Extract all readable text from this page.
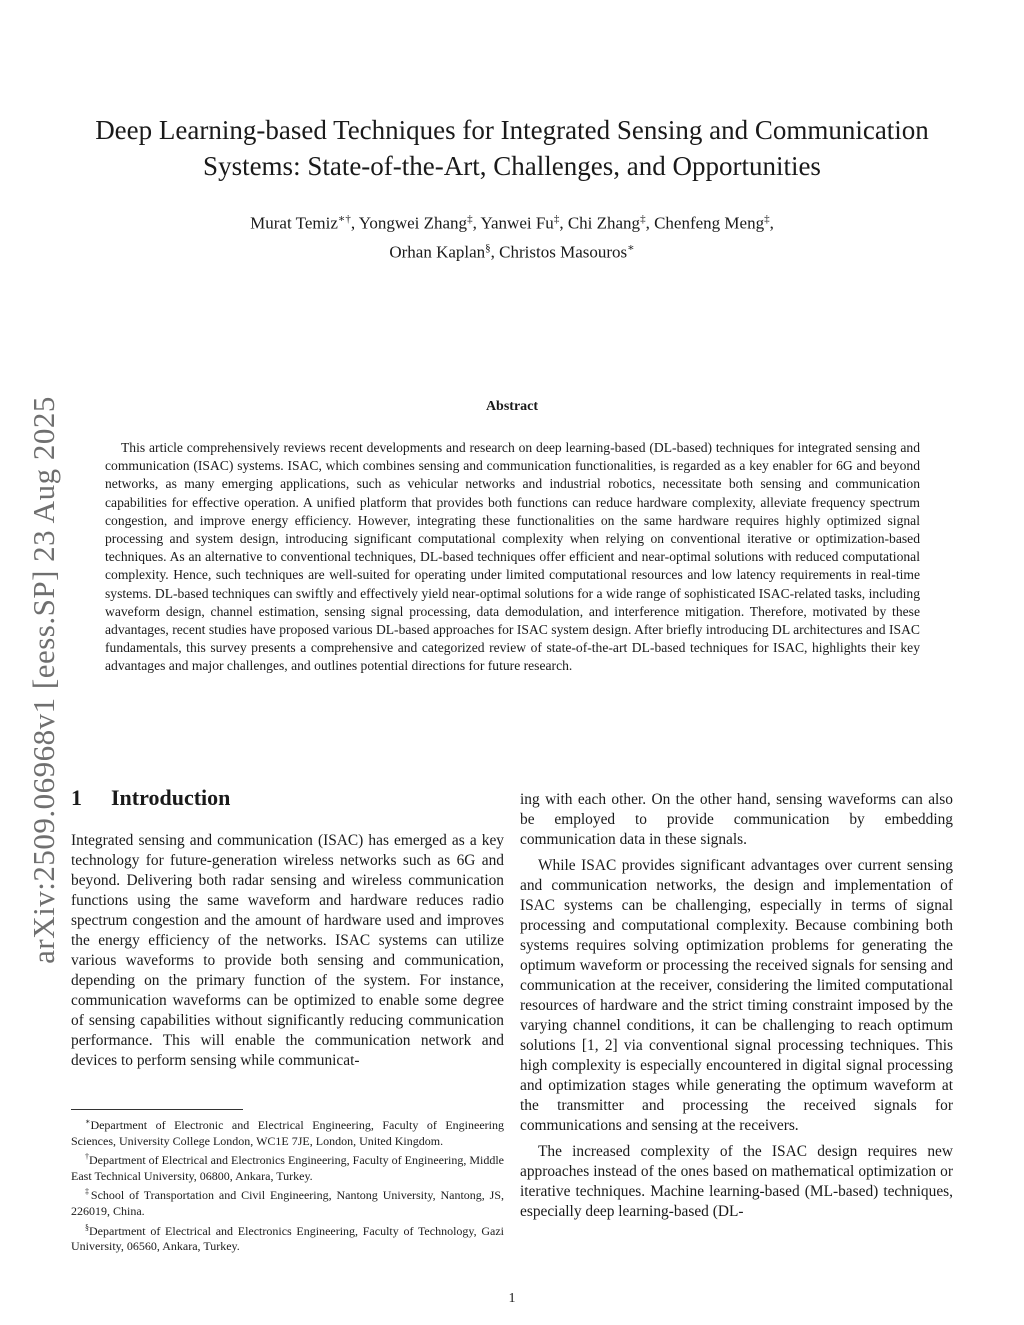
arXiv:2509.06968v1 [eess.SP] 23 Aug 2025
Deep Learning-based Techniques for Integrated Sensing and Communication
Systems: State-of-the-Art, Challenges, and Opportunities
Murat Temiz∗†, Yongwei Zhang‡, Yanwei Fu‡, Chi Zhang‡, Chenfeng Meng‡,
Orhan Kaplan§, Christos Masouros∗
Abstract
This article comprehensively reviews recent developments and research on deep learning-based (DL-based) techniques for integrated sensing and communication (ISAC) systems. ISAC, which combines sensing and communication functionalities, is regarded as a key enabler for 6G and beyond networks, as many emerging applications, such as vehicular networks and industrial robotics, necessitate both sensing and communication capabilities for effective operation. A unified platform that provides both functions can reduce hardware complexity, alleviate frequency spectrum congestion, and improve energy efficiency. However, integrating these functionalities on the same hardware requires highly optimized signal processing and system design, introducing significant computational complexity when relying on conventional iterative or optimization-based techniques. As an alternative to conventional techniques, DL-based techniques offer efficient and near-optimal solutions with reduced computational complexity. Hence, such techniques are well-suited for operating under limited computational resources and low latency requirements in real-time systems. DL-based techniques can swiftly and effectively yield near-optimal solutions for a wide range of sophisticated ISAC-related tasks, including waveform design, channel estimation, sensing signal processing, data demodulation, and interference mitigation. Therefore, motivated by these advantages, recent studies have proposed various DL-based approaches for ISAC system design. After briefly introducing DL architectures and ISAC fundamentals, this survey presents a comprehensive and categorized review of state-of-the-art DL-based techniques for ISAC, highlights their key advantages and major challenges, and outlines potential directions for future research.
1 Introduction

Integrated sensing and communication (ISAC) has emerged as a key technology for future-generation wireless networks such as 6G and beyond. Delivering both radar sensing and wireless communication functions using the same waveform and hardware reduces radio spectrum congestion and the amount of hardware used and improves the energy efficiency of the networks. ISAC systems can utilize various waveforms to provide both sensing and communication, depending on the primary function of the system. For instance, communication waveforms can be optimized to enable some degree of sensing capabilities without significantly reducing communication performance. This will enable the communication network and devices to perform sensing while communicat-

ing with each other. On the other hand, sensing waveforms can also be employed to provide communication by embedding communication data in these signals.

While ISAC provides significant advantages over current sensing and communication networks, the design and implementation of ISAC systems can be challenging, especially in terms of signal processing and computational complexity. Because combining both systems requires solving optimization problems for generating the optimum waveform or processing the received signals for sensing and communication at the receiver, considering the limited computational resources of hardware and the strict timing constraint imposed by the varying channel conditions, it can be challenging to reach optimum solutions [1, 2] via conventional signal processing techniques. This high complexity is especially encountered in digital signal processing and optimization stages while generating the optimum waveform at the transmitter and processing the received signals for communications and sensing at the receivers.

The increased complexity of the ISAC design requires new approaches instead of the ones based on mathematical optimization or iterative techniques. Machine learning-based (ML-based) techniques, especially deep learning-based (DL-

∗Department of Electronic and Electrical Engineering, Faculty of Engineering Sciences, University College London, WC1E 7JE, London, United Kingdom.

†Department of Electrical and Electronics Engineering, Faculty of Engineering, Middle East Technical University, 06800, Ankara, Turkey.

‡School of Transportation and Civil Engineering, Nantong University, Nantong, JS, 226019, China.

§Department of Electrical and Electronics Engineering, Faculty of Technology, Gazi University, 06560, Ankara, Turkey.

1
